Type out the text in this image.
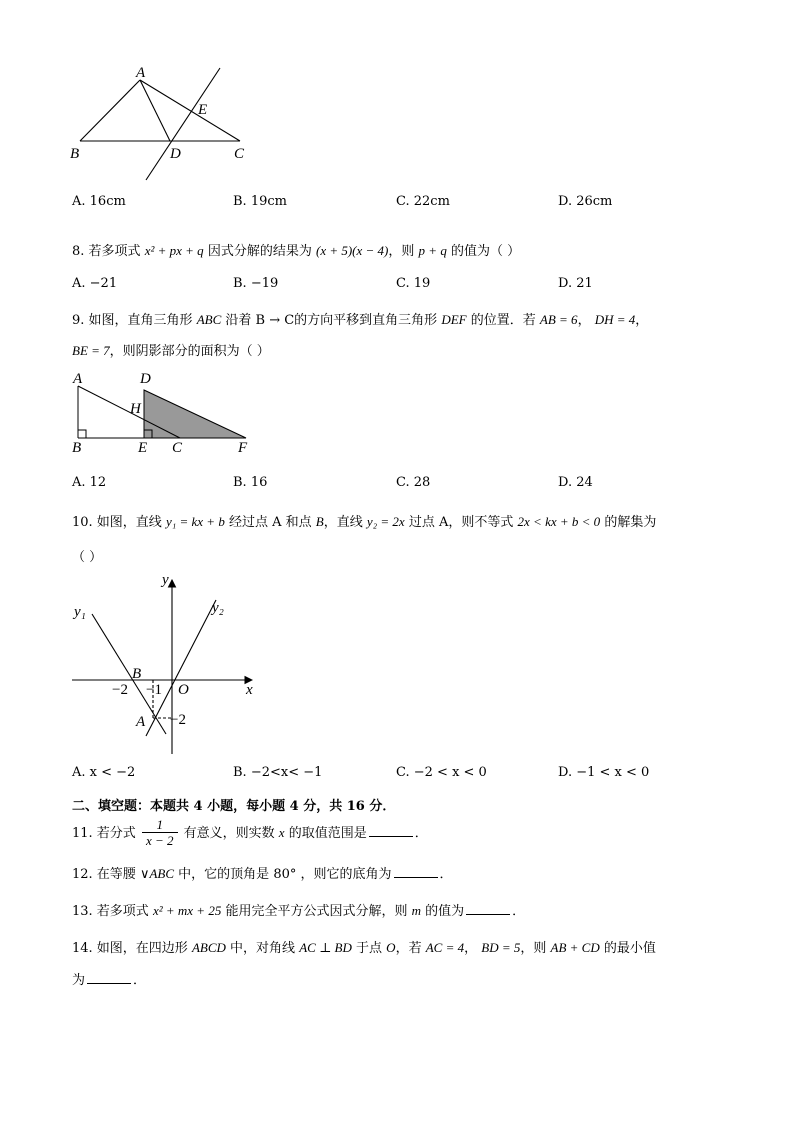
A
E
B	D	C
A. 16cm	B. 19cm	C. 22cm	D. 26cm
8. 若多项式 x² + px + q 因式分解的结果为 (x + 5)(x − 4)，则 p + q 的值为（ ）
A. −21	B. −19	C. 19	D. 21
9. 如图，直角三角形 ABC 沿着 B → C的方向平移到直角三角形 DEF 的位置．若 AB = 6， DH = 4，
BE = 7，则阴影部分的面积为（ ）
A	D
H
B	E C	F
A. 12	B. 16	C. 28	D. 24
10. 如图，直线 y₁ = kx + b 经过点 A 和点 B，直线 y₂ = 2x 过点 A，则不等式 2x < kx + b < 0 的解集为
（ ）
y
x
y₁	y₂
B
O
A
−2 −1
−2
A. x < −2	B. −2<x< −1	C. −2 < x < 0	D. −1 < x < 0
二、填空题：本题共 4 小题，每小题 4 分，共 16 分．
11. 若分式 $\frac{1}{x - 2}$ 有意义，则实数 x 的取值范围是	．
12. 在等腰 ∨ABC 中，它的顶角是 80° ，则它的底角为	．
13. 若多项式 x² + mx + 25 能用完全平方公式因式分解，则 m 的值为	．
14. 如图，在四边形 ABCD 中，对角线 AC ⊥ BD 于点 O，若 AC = 4， BD = 5，则 AB + CD 的最小值
为	．
